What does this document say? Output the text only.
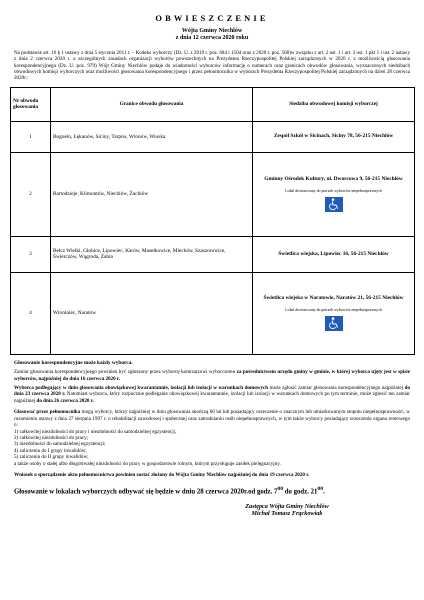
OBWIESZCZENIE
Wójta Gminy Niechlów
z dnia 12 czerwca 2020 roku
Na podstawie art. 16 § 1 ustawy z dnia 5 stycznia 2011 r. – Kodeks wyborczy (Dz. U. z 2019 r. poz. 684 i 1504 oraz z 2020 r. poz. 568)w związku z art. 2 ust. 1 i art. 3 ust. 1 pkt 1 i ust. 2 ustawy z dnia 2 czerwca 2020 r. o szczególnych zasadach organizacji wyborów powszechnych na Prezydenta Rzeczypospolitej Polskiej zarządzonych w 2020 r. z możliwością głosowania korespondencyjnego (Dz. U. poz. 979) Wójt Gminy Niechlów podaje do wiadomości wyborców informację o numerach oraz granicach obwodów głosowania, wyznaczonych siedzibach obwodowych komisji wyborczych oraz możliwości głosowania korespondencyjnego i przez pełnomocnika w wyborach Prezydenta Rzeczypospolitej Polskiej zarządzonych na dzień 28 czerwca 2020r.:
Nr obwodu głosowania	Granice obwodu głosowania	Siedziba obwodowej komisji wyborczej
1	Boguein, Łękanów, Siciny, Tarpno, Wronów, Wioska	Zespół Szkół w Sicinach, Siciny 78, 56-215 Niechlów

2	Bartodzieje, Klimontów, Niechlów, Żuchlów	Gminny Ośrodek Kultury, ul. Dworcowa 9, 56-215 Niechlów
Lokal dostosowany do potrzeb wyborców niepełnosprawnych

3	Bełcz Wielki, Głobice, Lipowiec, Karów, Masełkowice, Miechów, Szaszorowice, Świerczów, Wągroda, Żabin	Świetlica wiejska, Lipowiec 16, 56-215 Niechlów

4	Wroniniec, Naratów	Świetlica wiejska w Naratowie, Naratów 21, 56-215 Niechlów
Lokal dostosowany do potrzeb wyborców niepełnosprawnych
Głosowanie korespondencyjne może każdy wyborca.
Zamiar głosowania korespondencyjnego powinien być zgłoszony przez wyborcę komisarzowi wyborczemu za pośrednictwem urzędu gminy w gminie, w której wyborca ujęty jest w spisie wyborców, najpóźniej do dnia 16 czerwca 2020 r.
Wyborca podlegający w dniu głosowania obowiązkowej kwarantannie, izolacji lub izolacji w warunkach domowych może zgłosić zamiar głosowania korespondencyjnego najpóźniej do dnia 23 czerwca 2020 r. Natomiast wyborca, który rozpocznie podleganie obowiązkowej kwarantannie, izolacji lub izolacji w warunkach domowych po tym terminie, może zgłosić ten zamiar najpóźniej do dnia 26 czerwca 2020 r.
Głosować przez pełnomocnika mogą wyborcy, którzy najpóźniej w dniu głosowania skończą 60 lat lub posiadający orzeczenie o znacznym lub umiarkowanym stopniu niepełnosprawności, w rozumieniu ustawy z dnia 27 sierpnia 1997 r. o rehabilitacji zawodowej i społecznej oraz zatrudnianiu osób niepełnosprawnych, w tym także wyborcy posiadający orzeczenie organu rentowego o:
1) całkowitej niezdolności do pracy i niezdolności do samodzielnej egzystencji,
2) całkowitej niezdolności do pracy;
3) niezdolności do samodzielnej egzystencji;
4) zaliczeniu do I grupy inwalidów;
5) zaliczeniu do II grupy inwalidów;
a także osoby o stałej albo długotrwałej niezdolności do pracy w gospodarstwie rolnym, którym przysługuje zasiłek pielęgnacyjny.
Wniosek o sporządzenie aktu pełnomocnictwa powinien zostać złożony do Wójta Gminy Niechlów najpóźniej do dnia 19 czerwca 2020 r.
Głosowanie w lokalach wyborczych odbywać się będzie w dniu 28 czerwca 2020r.od godz. $7^{00}$ do godz. $21^{00}$.
Zastępca Wójta Gminy Niechlów
Michał Tomasz Frąckowiak
